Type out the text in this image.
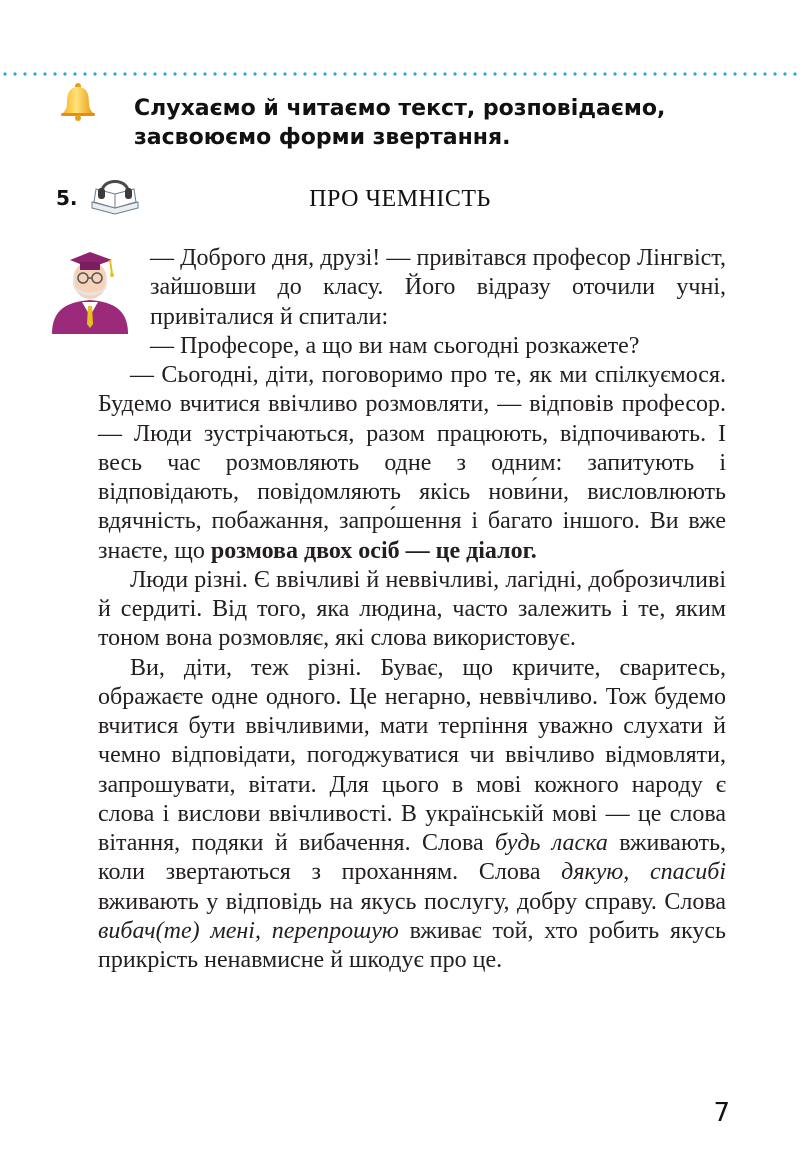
Слухаємо й читаємо текст, розповідаємо, засвоюємо форми звертання.
5.	ПРО ЧЕМНІСТЬ

— Доброго дня, друзі! — привітався професор Лінгвіст, зайшовши до класу. Його відразу оточили учні, привіталися й спитали:

— Професоре, а що ви нам сьогодні розкажете?

— Сьогодні, діти, поговоримо про те, як ми спілкуємося. Будемо вчитися ввічливо розмовляти, — відповів професор. — Люди зустрічаються, разом працюють, відпочивають. І весь час розмовляють одне з одним: запитують і відповідають, повідомляють якісь нови́ни, висловлюють вдячність, побажання, запро́шення і багато іншого. Ви вже знаєте, що розмова двох осіб — це діалог.

Люди різні. Є ввічливі й неввічливі, лагідні, доброзичливі й сердиті. Від того, яка людина, часто залежить і те, яким тоном вона розмовляє, які слова використовує.

Ви, діти, теж різні. Буває, що кричите, сваритесь, ображаєте одне одного. Це негарно, неввічливо. Тож будемо вчитися бути ввічливими, мати терпіння уважно слухати й чемно відповідати, погоджуватися чи ввічливо відмовляти, запрошувати, вітати. Для цього в мові кожного народу є слова і вислови ввічливості. В українській мові — це слова вітання, подяки й вибачення. Слова будь ласка вживають, коли звертаються з проханням. Слова дякую, спасибі вживають у відповідь на якусь послугу, добру справу. Слова вибач(те) мені, перепрошую вживає той, хто робить якусь прикрість ненавмисне й шкодує про це.

7
